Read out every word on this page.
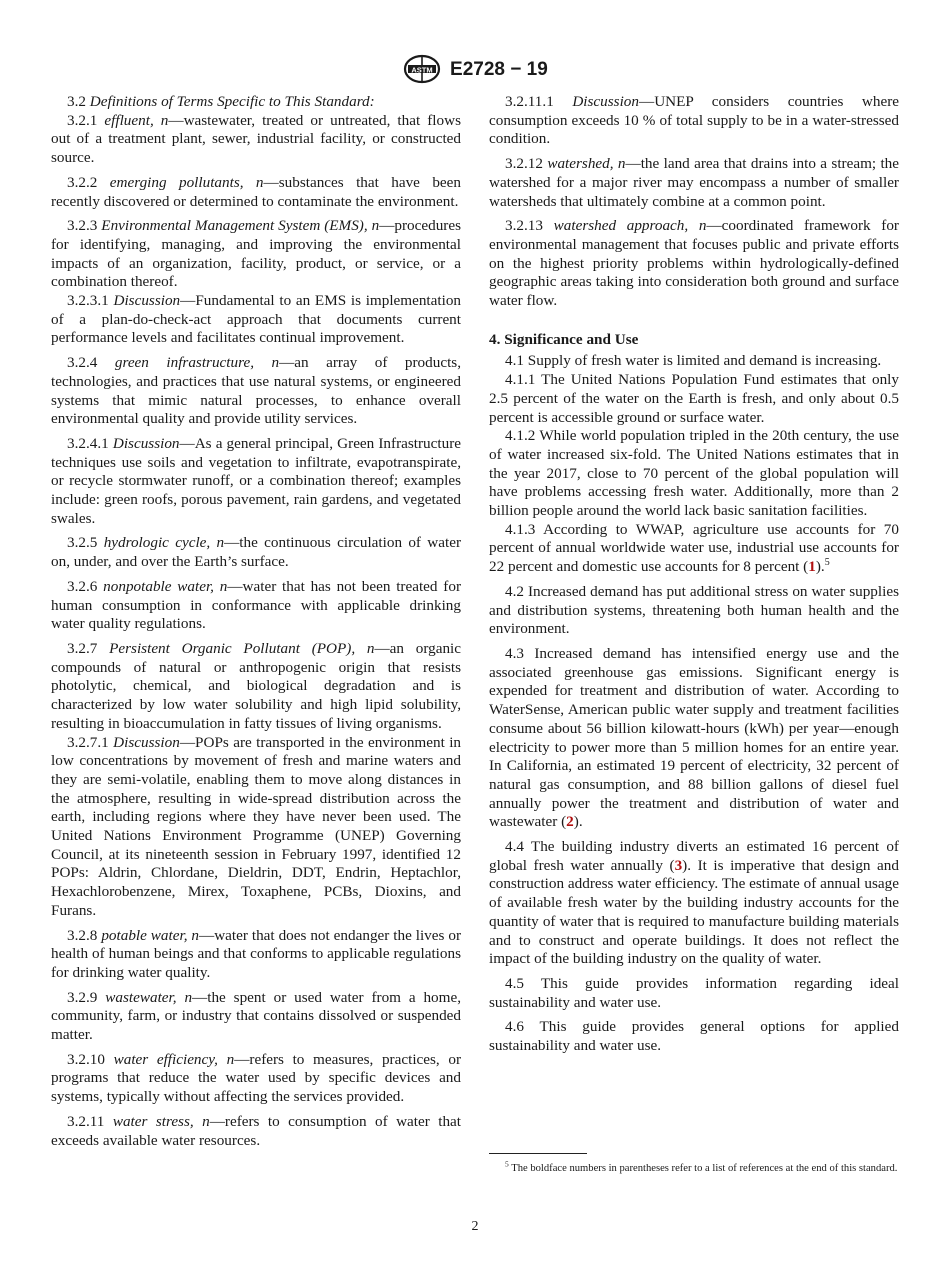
ASTM E2728 − 19

3.2 Definitions of Terms Specific to This Standard:

3.2.1 effluent, n—wastewater, treated or untreated, that flows out of a treatment plant, sewer, industrial facility, or constructed source.

3.2.2 emerging pollutants, n—substances that have been recently discovered or determined to contaminate the environment.

3.2.3 Environmental Management System (EMS), n—procedures for identifying, managing, and improving the environmental impacts of an organization, facility, product, or service, or a combination thereof.

3.2.3.1 Discussion—Fundamental to an EMS is implementation of a plan-do-check-act approach that documents current performance levels and facilitates continual improvement.

3.2.4 green infrastructure, n—an array of products, technologies, and practices that use natural systems, or engineered systems that mimic natural processes, to enhance overall environmental quality and provide utility services.

3.2.4.1 Discussion—As a general principal, Green Infrastructure techniques use soils and vegetation to infiltrate, evapotranspirate, or recycle stormwater runoff, or a combination thereof; examples include: green roofs, porous pavement, rain gardens, and vegetated swales.

3.2.5 hydrologic cycle, n—the continuous circulation of water on, under, and over the Earth’s surface.

3.2.6 nonpotable water, n—water that has not been treated for human consumption in conformance with applicable drinking water quality regulations.

3.2.7 Persistent Organic Pollutant (POP), n—an organic compounds of natural or anthropogenic origin that resists photolytic, chemical, and biological degradation and is characterized by low water solubility and high lipid solubility, resulting in bioaccumulation in fatty tissues of living organisms.

3.2.7.1 Discussion—POPs are transported in the environment in low concentrations by movement of fresh and marine waters and they are semi-volatile, enabling them to move along distances in the atmosphere, resulting in wide-spread distribution across the earth, including regions where they have never been used. The United Nations Environment Programme (UNEP) Governing Council, at its nineteenth session in February 1997, identified 12 POPs: Aldrin, Chlordane, Dieldrin, DDT, Endrin, Heptachlor, Hexachlorobenzene, Mirex, Toxaphene, PCBs, Dioxins, and Furans.

3.2.8 potable water, n—water that does not endanger the lives or health of human beings and that conforms to applicable regulations for drinking water quality.

3.2.9 wastewater, n—the spent or used water from a home, community, farm, or industry that contains dissolved or suspended matter.

3.2.10 water efficiency, n—refers to measures, practices, or programs that reduce the water used by specific devices and systems, typically without affecting the services provided.

3.2.11 water stress, n—refers to consumption of water that exceeds available water resources.

3.2.11.1 Discussion—UNEP considers countries where consumption exceeds 10 % of total supply to be in a water-stressed condition.

3.2.12 watershed, n—the land area that drains into a stream; the watershed for a major river may encompass a number of smaller watersheds that ultimately combine at a common point.

3.2.13 watershed approach, n—coordinated framework for environmental management that focuses public and private efforts on the highest priority problems within hydrologically-defined geographic areas taking into consideration both ground and surface water flow.

4. Significance and Use

4.1 Supply of fresh water is limited and demand is increasing.

4.1.1 The United Nations Population Fund estimates that only 2.5 percent of the water on the Earth is fresh, and only about 0.5 percent is accessible ground or surface water.

4.1.2 While world population tripled in the 20th century, the use of water increased six-fold. The United Nations estimates that in the year 2017, close to 70 percent of the global population will have problems accessing fresh water. Additionally, more than 2 billion people around the world lack basic sanitation facilities.

4.1.3 According to WWAP, agriculture use accounts for 70 percent of annual worldwide water use, industrial use accounts for 22 percent and domestic use accounts for 8 percent (1).$^5$

4.2 Increased demand has put additional stress on water supplies and distribution systems, threatening both human health and the environment.

4.3 Increased demand has intensified energy use and the associated greenhouse gas emissions. Significant energy is expended for treatment and distribution of water. According to WaterSense, American public water supply and treatment facilities consume about 56 billion kilowatt-hours (kWh) per year—enough electricity to power more than 5 million homes for an entire year. In California, an estimated 19 percent of electricity, 32 percent of natural gas consumption, and 88 billion gallons of diesel fuel annually power the treatment and distribution of water and wastewater (2).

4.4 The building industry diverts an estimated 16 percent of global fresh water annually (3). It is imperative that design and construction address water efficiency. The estimate of annual usage of available fresh water by the building industry accounts for the quantity of water that is required to manufacture building materials and to construct and operate buildings. It does not reflect the impact of the building industry on the quality of water.

4.5 This guide provides information regarding ideal sustainability and water use.

4.6 This guide provides general options for applied sustainability and water use.

$^5$ The boldface numbers in parentheses refer to a list of references at the end of this standard.
2
